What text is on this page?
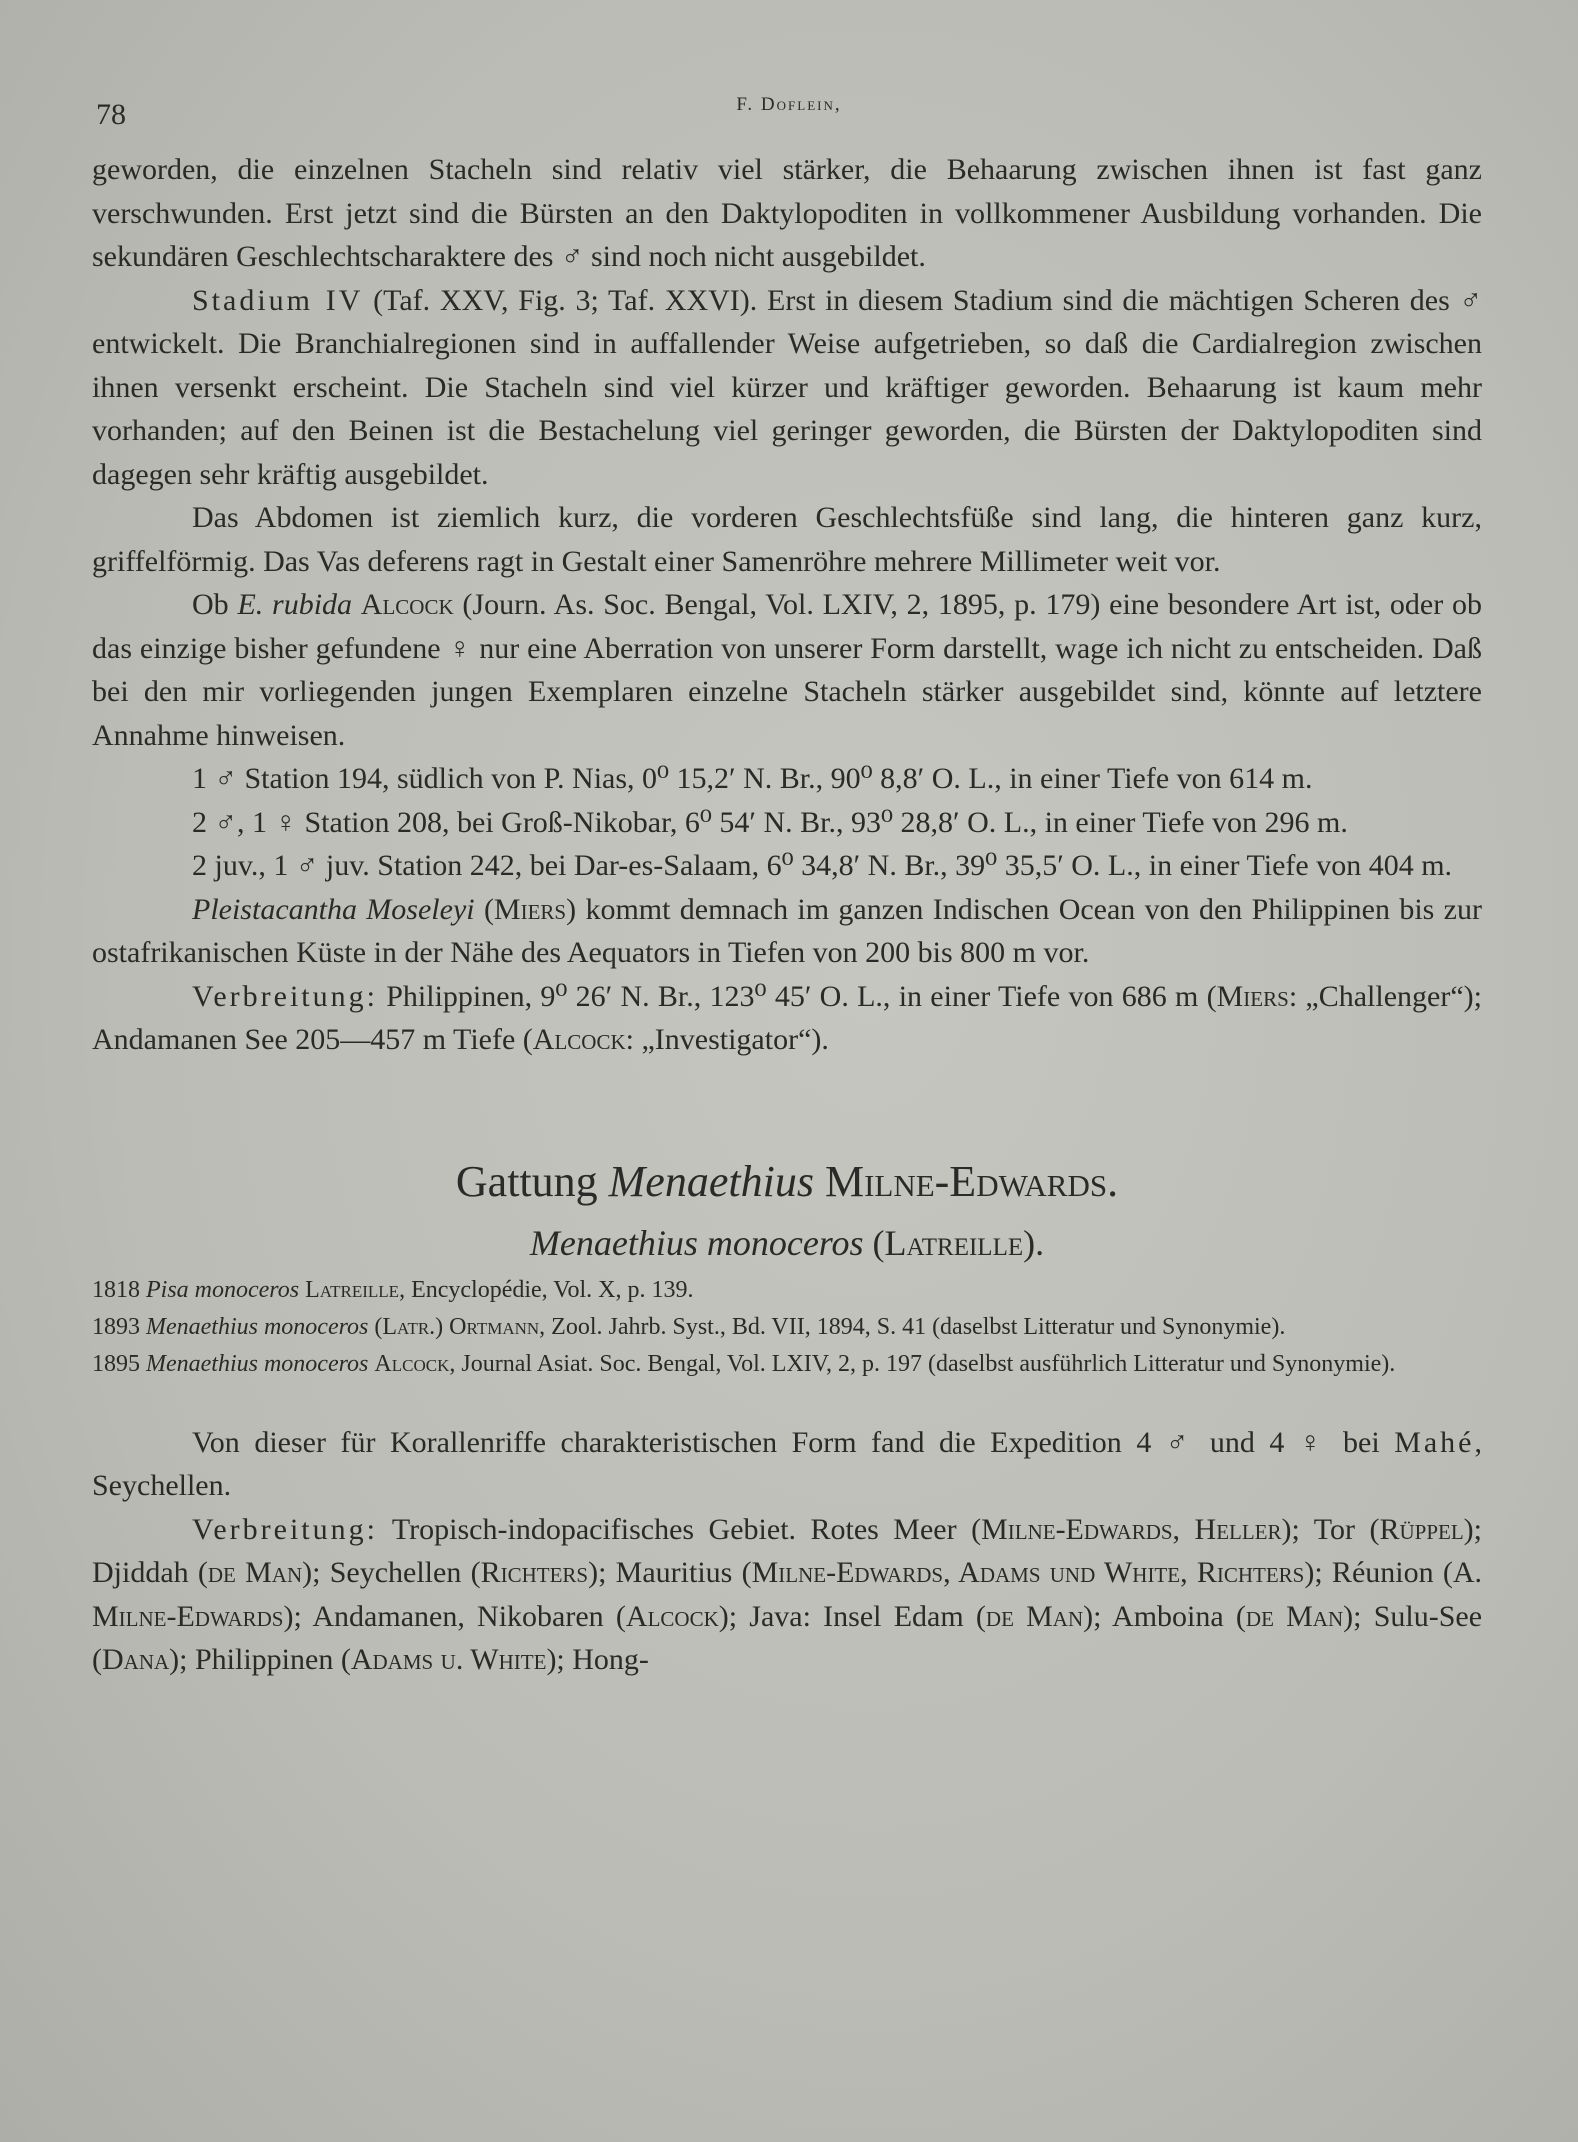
78	F. Doflein,

geworden, die einzelnen Stacheln sind relativ viel stärker, die Behaarung zwischen ihnen ist fast ganz verschwunden. Erst jetzt sind die Bürsten an den Daktylopoditen in vollkommener Ausbildung vorhanden. Die sekundären Geschlechtscharaktere des ♂ sind noch nicht ausgebildet.

Stadium IV (Taf. XXV, Fig. 3; Taf. XXVI). Erst in diesem Stadium sind die mächtigen Scheren des ♂ entwickelt. Die Branchialregionen sind in auffallender Weise aufgetrieben, so daß die Cardialregion zwischen ihnen versenkt erscheint. Die Stacheln sind viel kürzer und kräftiger geworden. Behaarung ist kaum mehr vorhanden; auf den Beinen ist die Bestachelung viel geringer geworden, die Bürsten der Daktylopoditen sind dagegen sehr kräftig ausgebildet.

Das Abdomen ist ziemlich kurz, die vorderen Geschlechtsfüße sind lang, die hinteren ganz kurz, griffelförmig. Das Vas deferens ragt in Gestalt einer Samenröhre mehrere Millimeter weit vor.

Ob E. rubida Alcock (Journ. As. Soc. Bengal, Vol. LXIV, 2, 1895, p. 179) eine besondere Art ist, oder ob das einzige bisher gefundene ♀ nur eine Aberration von unserer Form darstellt, wage ich nicht zu entscheiden. Daß bei den mir vorliegenden jungen Exemplaren einzelne Stacheln stärker ausgebildet sind, könnte auf letztere Annahme hinweisen.

1 ♂ Station 194, südlich von P. Nias, 0⁰ 15,2′ N. Br., 90⁰ 8,8′ O. L., in einer Tiefe von 614 m.

2 ♂, 1 ♀ Station 208, bei Groß-Nikobar, 6⁰ 54′ N. Br., 93⁰ 28,8′ O. L., in einer Tiefe von 296 m.

2 juv., 1 ♂ juv. Station 242, bei Dar-es-Salaam, 6⁰ 34,8′ N. Br., 39⁰ 35,5′ O. L., in einer Tiefe von 404 m.

Pleistacantha Moseleyi (Miers) kommt demnach im ganzen Indischen Ocean von den Philippinen bis zur ostafrikanischen Küste in der Nähe des Aequators in Tiefen von 200 bis 800 m vor.

Verbreitung: Philippinen, 9⁰ 26′ N. Br., 123⁰ 45′ O. L., in einer Tiefe von 686 m (Miers: „Challenger“); Andamanen See 205—457 m Tiefe (Alcock: „Investigator“).

Gattung Menaethius Milne-Edwards.
Menaethius monoceros (Latreille).
1818 Pisa monoceros Latreille, Encyclopédie, Vol. X, p. 139.
1893 Menaethius monoceros (Latr.) Ortmann, Zool. Jahrb. Syst., Bd. VII, 1894, S. 41 (daselbst Litteratur und Synonymie).
1895 Menaethius monoceros Alcock, Journal Asiat. Soc. Bengal, Vol. LXIV, 2, p. 197 (daselbst ausführlich Litteratur und Synonymie).

Von dieser für Korallenriffe charakteristischen Form fand die Expedition 4 ♂ und 4 ♀ bei Mahé, Seychellen.

Verbreitung: Tropisch-indopacifisches Gebiet. Rotes Meer (Milne-Edwards, Heller); Tor (Rüppel); Djiddah (de Man); Seychellen (Richters); Mauritius (Milne-Edwards, Adams und White, Richters); Réunion (A. Milne-Edwards); Andamanen, Nikobaren (Alcock); Java: Insel Edam (de Man); Amboina (de Man); Sulu-See (Dana); Philippinen (Adams u. White); Hong-
